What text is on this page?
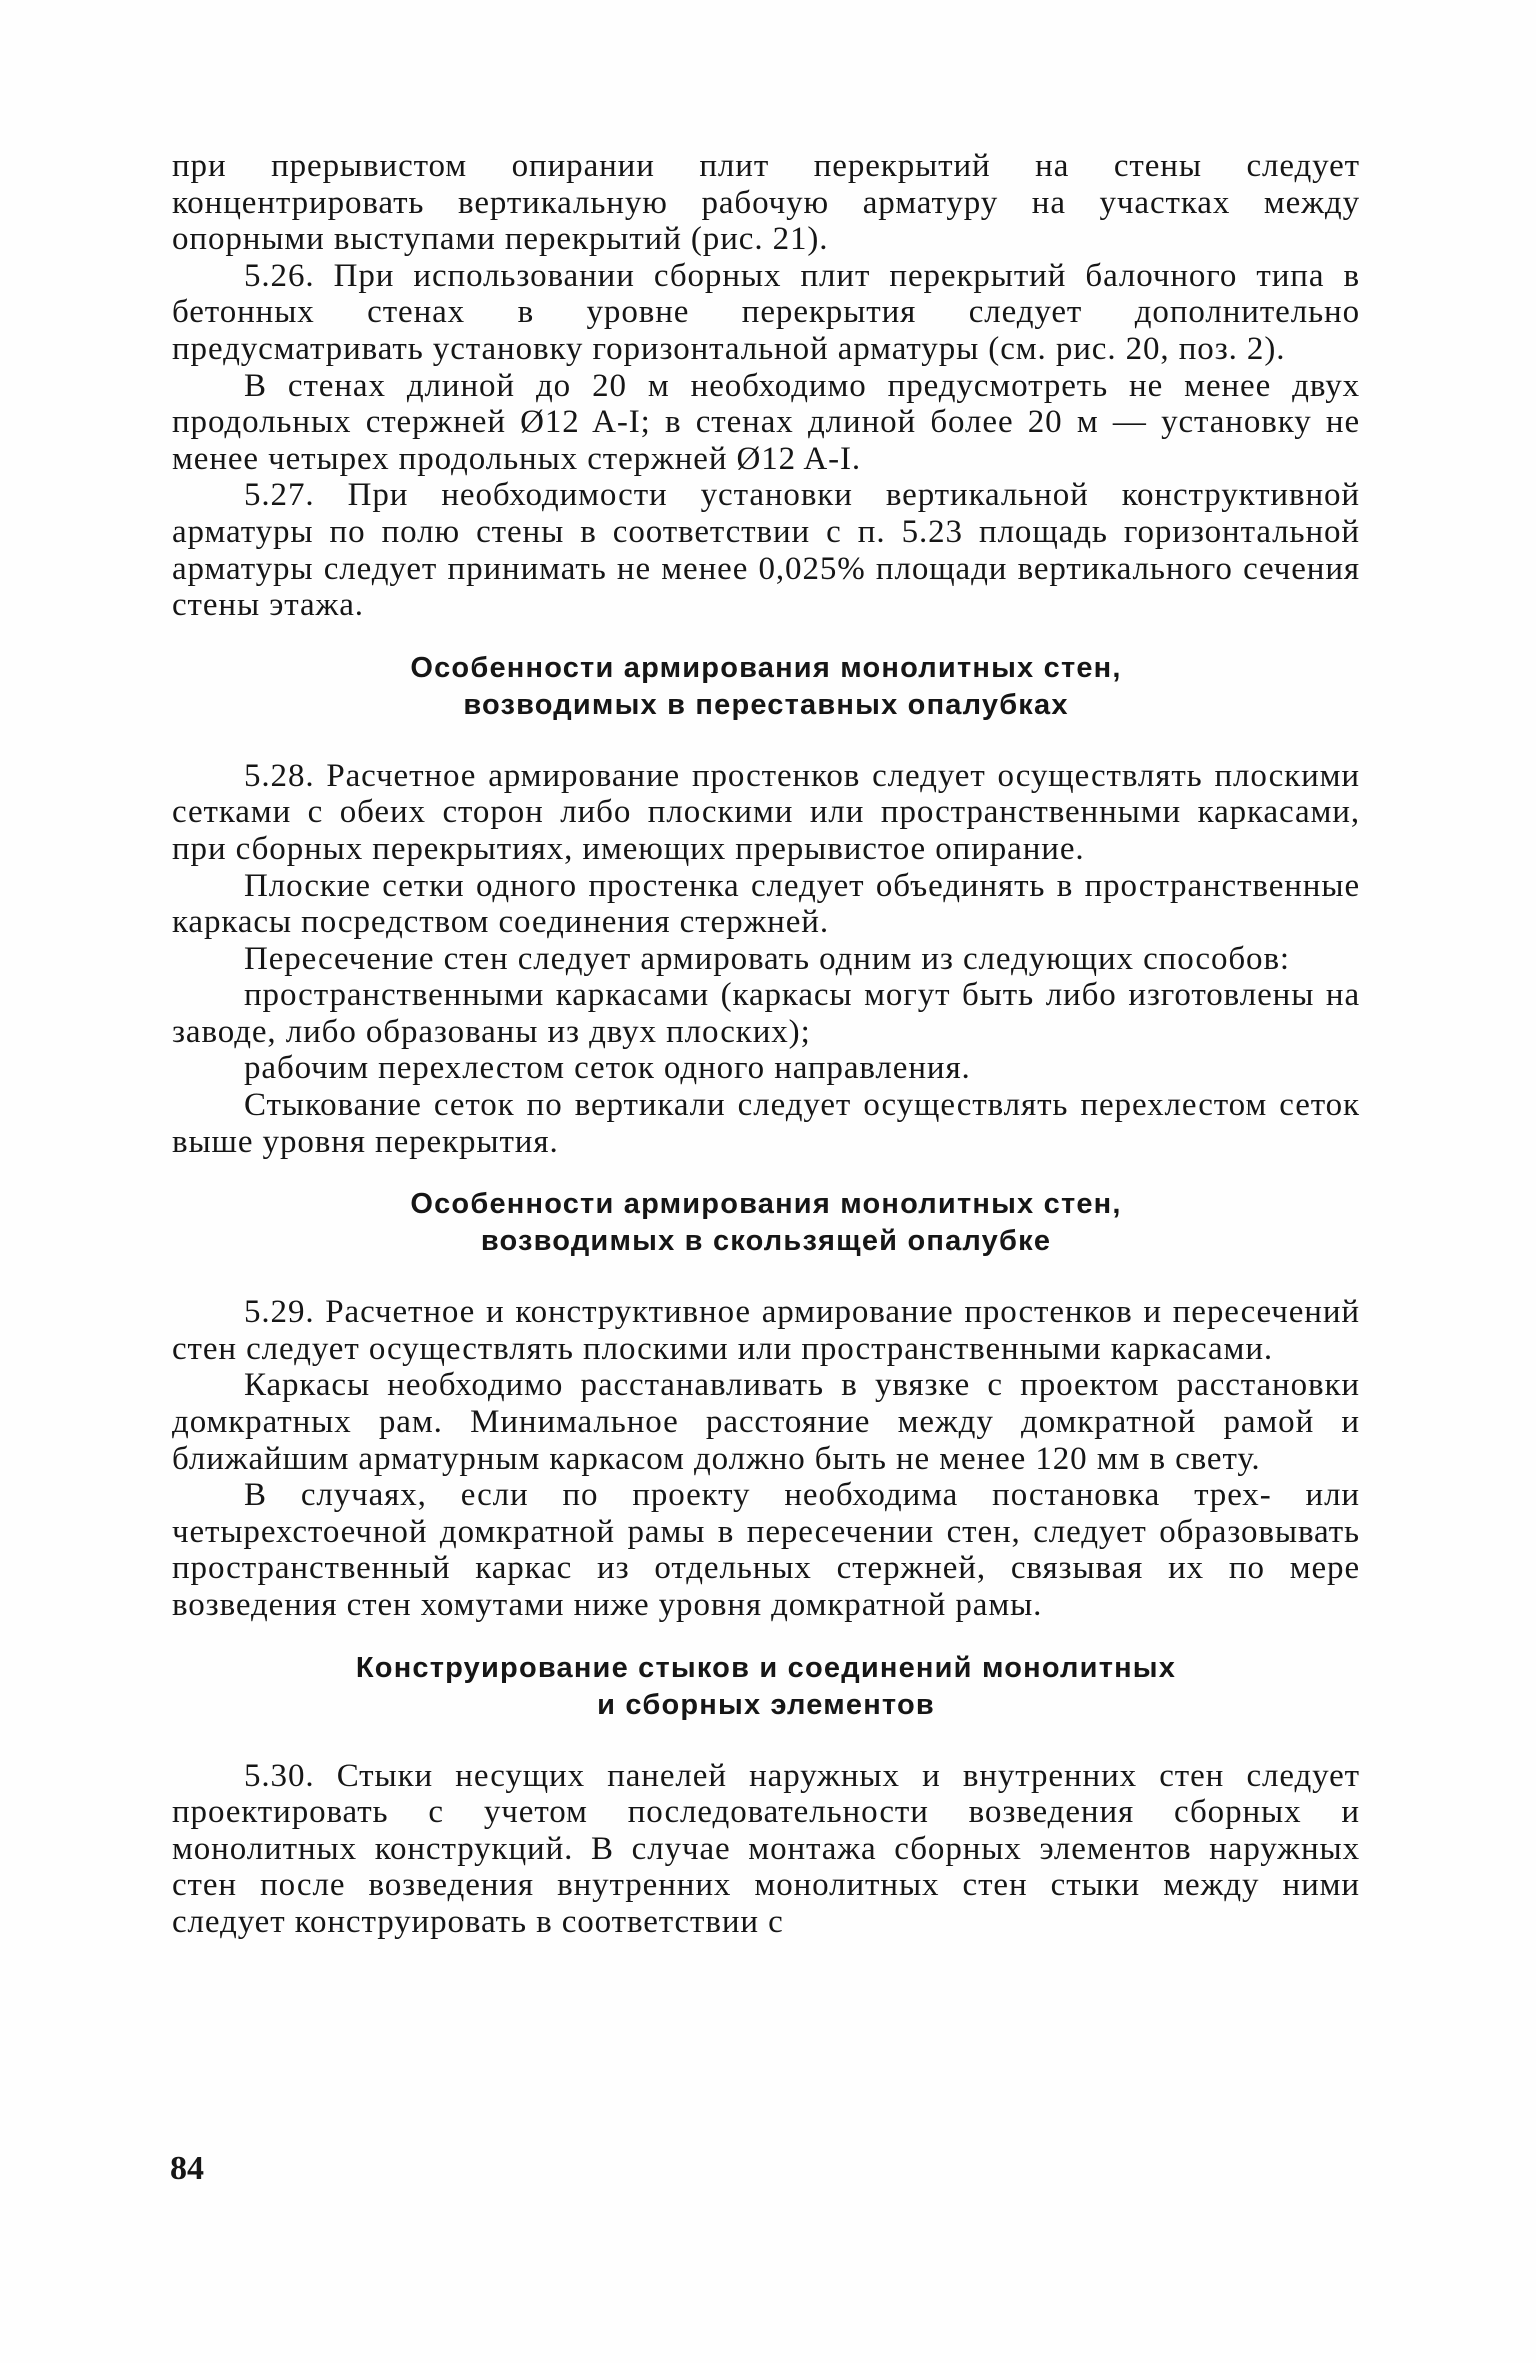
при прерывистом опирании плит перекрытий на стены следует концентрировать вертикальную рабочую арматуру на участках между опорными выступами перекрытий (рис. 21).

5.26. При использовании сборных плит перекрытий балочного типа в бетонных стенах в уровне перекрытия следует дополнительно предусматривать установку горизонтальной арматуры (см. рис. 20, поз. 2).

В стенах длиной до 20 м необходимо предусмотреть не менее двух продольных стержней Ø12 A-I; в стенах длиной более 20 м — установку не менее четырех продольных стержней Ø12 A-I.

5.27. При необходимости установки вертикальной конструктивной арматуры по полю стены в соответствии с п. 5.23 площадь горизонтальной арматуры следует принимать не менее 0,025% площади вертикального сечения стены этажа.

Особенности армирования монолитных стен,
возводимых в переставных опалубках

5.28. Расчетное армирование простенков следует осуществлять плоскими сетками с обеих сторон либо плоскими или пространственными каркасами, при сборных перекрытиях, имеющих прерывистое опирание.

Плоские сетки одного простенка следует объединять в пространственные каркасы посредством соединения стержней.

Пересечение стен следует армировать одним из следующих способов:

пространственными каркасами (каркасы могут быть либо изготовлены на заводе, либо образованы из двух плоских);

рабочим перехлестом сеток одного направления.

Стыкование сеток по вертикали следует осуществлять перехлестом сеток выше уровня перекрытия.

Особенности армирования монолитных стен,
возводимых в скользящей опалубке

5.29. Расчетное и конструктивное армирование простенков и пересечений стен следует осуществлять плоскими или пространственными каркасами.

Каркасы необходимо расстанавливать в увязке с проектом расстановки домкратных рам. Минимальное расстояние между домкратной рамой и ближайшим арматурным каркасом должно быть не менее 120 мм в свету.

В случаях, если по проекту необходима постановка трех- или четырехстоечной домкратной рамы в пересечении стен, следует образовывать пространственный каркас из отдельных стержней, связывая их по мере возведения стен хомутами ниже уровня домкратной рамы.

Конструирование стыков и соединений монолитных
и сборных элементов

5.30. Стыки несущих панелей наружных и внутренних стен следует проектировать с учетом последовательности возведения сборных и монолитных конструкций. В случае монтажа сборных элементов наружных стен после возведения внутренних монолитных стен стыки между ними следует конструировать в соответствии с

84
